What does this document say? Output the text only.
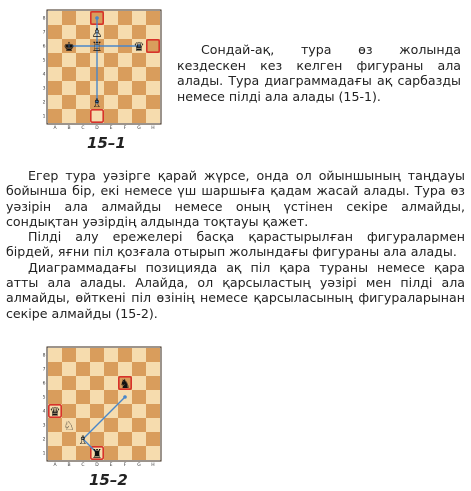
♚ ♖ ♛
♗
♙
8
7
6
5
4
3
2
1
A B C D E	F G H
15–1

Сондай-ақ, тура өз жолында кездескен кез келген фигураны ала алады. Тура диаграммадағы ақ сарбазды немесе пілді ала алады (15-1).

Егер тура уәзірге қарай жүрсе, онда ол ойыншының таңдауы бойынша бір, екі немесе үш шаршыға қадам жасай алады. Тура өз уәзірін ала алмайды немесе оның үстінен секіре алмайды, сондықтан уәзірдің алдында тоқтауы қажет.

Пілді алу ережелері басқа қарастырылған фигуралармен бірдей, яғни піл қозғала отырып жолындағы фигураны ала алады.

Диаграммадағы позицияда ақ піл қара тураны немесе қара атты ала алады. Алайда, ол қарсыластың уәзірі мен пілді ала алмайды, өйткені піл өзінің немесе қарсыласының фигураларынан секіре алмайды (15-2).

♞
♛
♘
♗
♜
8
7
6
5
4
3
2
1
A B C D E	F G H
15–2
